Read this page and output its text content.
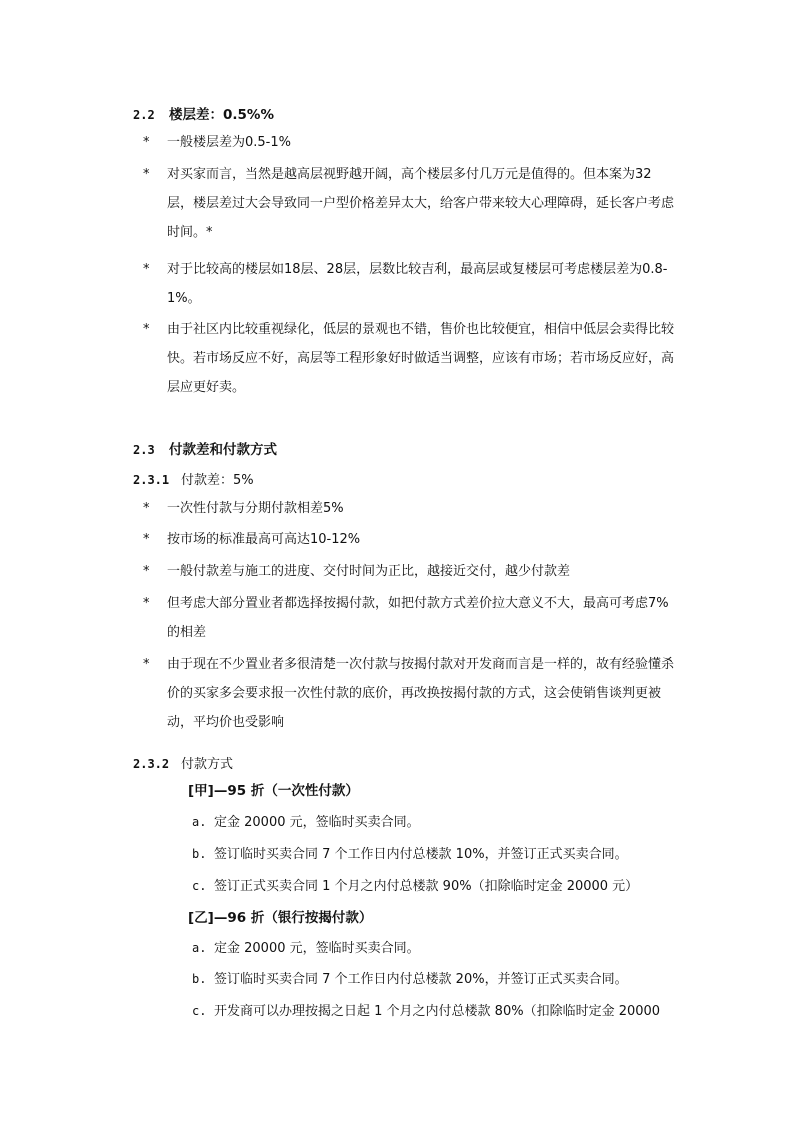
2.2 楼层差：0.5%%
* 一般楼层差为0.5-1%
* 对买家而言，当然是越高层视野越开阔，高个楼层多付几万元是值得的。但本案为32层，楼层差过大会导致同一户型价格差异太大，给客户带来较大心理障碍，延长客户考虑时间。*
* 对于比较高的楼层如18层、28层，层数比较吉利，最高层或复楼层可考虑楼层差为0.8-1%。
* 由于社区内比较重视绿化，低层的景观也不错，售价也比较便宜，相信中低层会卖得比较快。若市场反应不好，高层等工程形象好时做适当调整，应该有市场；若市场反应好，高层应更好卖。
2.3 付款差和付款方式
2.3.1 付款差：5%
* 一次性付款与分期付款相差5%
* 按市场的标准最高可高达10-12%
* 一般付款差与施工的进度、交付时间为正比，越接近交付，越少付款差
* 但考虑大部分置业者都选择按揭付款，如把付款方式差价拉大意义不大，最高可考虑7%的相差
* 由于现在不少置业者多很清楚一次付款与按揭付款对开发商而言是一样的，故有经验懂杀价的买家多会要求报一次性付款的底价，再改换按揭付款的方式，这会使销售谈判更被动，平均价也受影响
2.3.2 付款方式
[甲]—95 折（一次性付款）
a. 定金 20000 元，签临时买卖合同。
b. 签订临时买卖合同 7 个工作日内付总楼款 10%，并签订正式买卖合同。
c. 签订正式买卖合同 1 个月之内付总楼款 90%（扣除临时定金 20000 元）
[乙]—96 折（银行按揭付款）
a. 定金 20000 元，签临时买卖合同。
b. 签订临时买卖合同 7 个工作日内付总楼款 20%，并签订正式买卖合同。
c. 开发商可以办理按揭之日起 1 个月之内付总楼款 80%（扣除临时定金 20000
